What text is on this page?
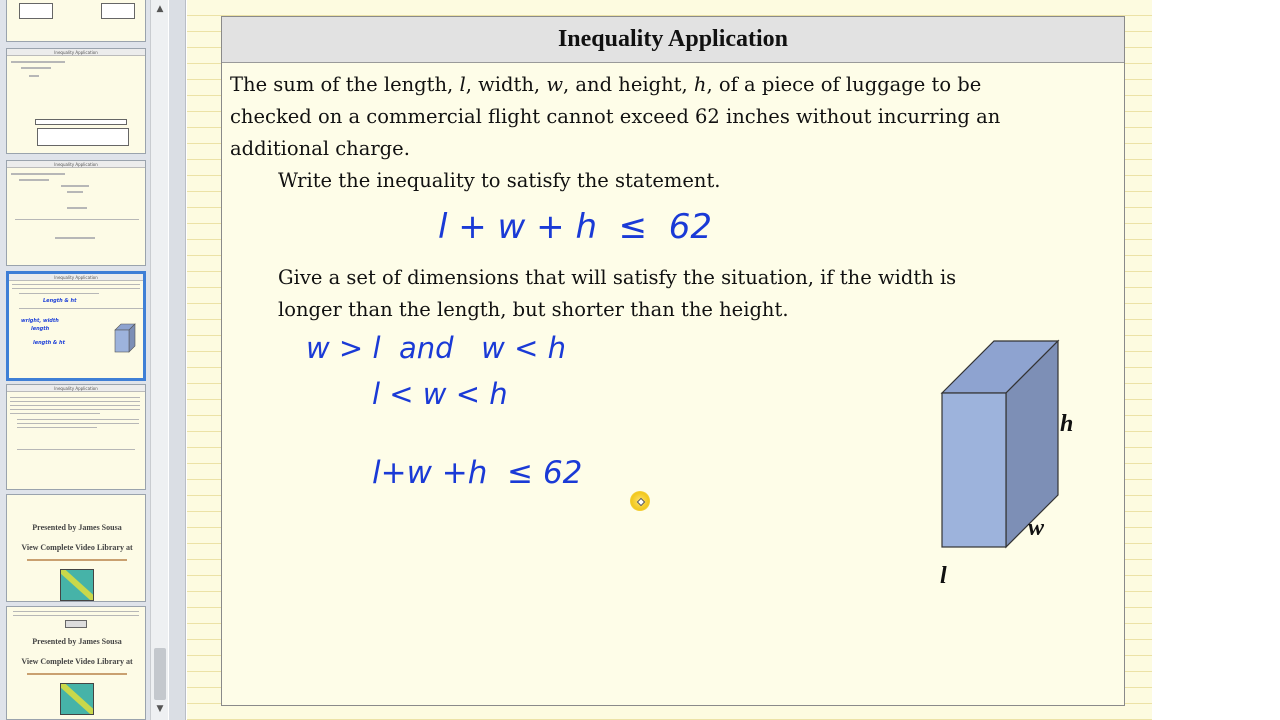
Inequality Application
Inequality Application
Inequality Application
Length & ht
wright, width
length
length & ht
Inequality Application
Presented by James Sousa
View Complete Video Library at
Presented by James Sousa
View Complete Video Library at
▲
▼
Inequality Application
The sum of the length, l, width, w, and height, h, of a piece of luggage to be
checked on a commercial flight cannot exceed 62 inches without incurring an
additional charge.
Write the inequality to satisfy the statement.
l + w + h  ≤  62
Give a set of dimensions that will satisfy the situation, if the width is
longer than the length, but shorter than the height.
w > l  and   w < h
l < w < h
l+w +h  ≤ 62
h
w
l
